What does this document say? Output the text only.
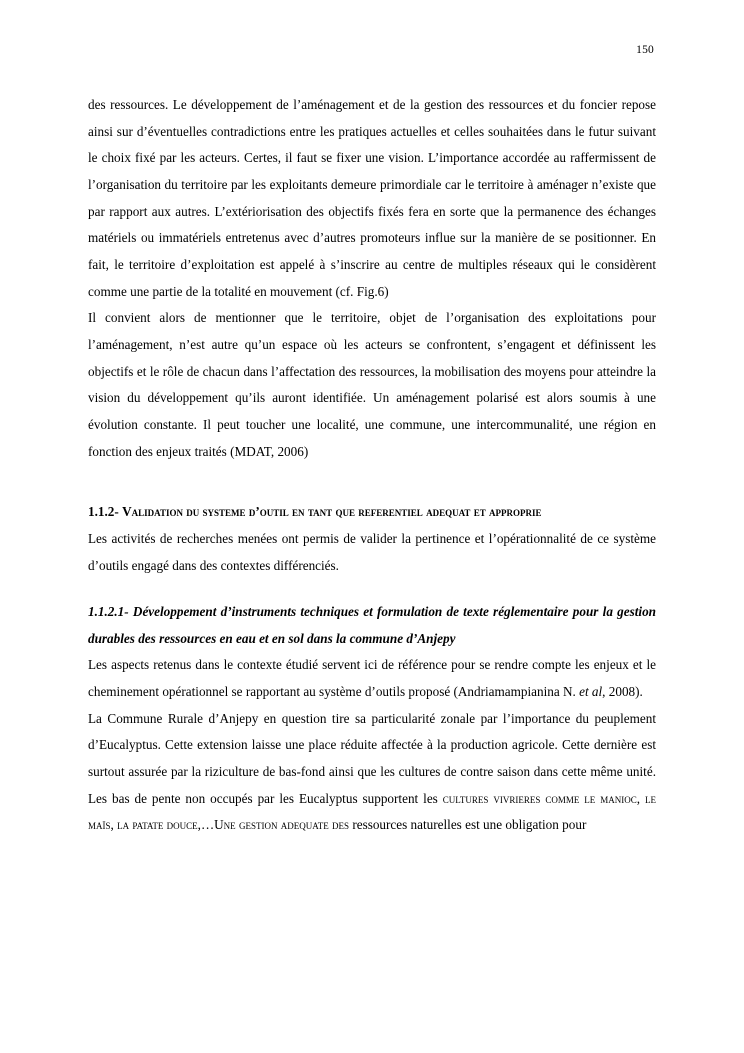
150

des ressources. Le développement de l’aménagement et de la gestion des ressources et du foncier repose ainsi sur d’éventuelles contradictions entre les pratiques actuelles et celles souhaitées dans le futur suivant le choix fixé par les acteurs. Certes, il faut se fixer une vision. L’importance accordée au raffermissent de l’organisation du territoire par les exploitants demeure primordiale car le territoire à aménager n’existe que par rapport aux autres. L’extériorisation des objectifs fixés fera en sorte que la permanence des échanges matériels ou immatériels entretenus avec d’autres promoteurs influe sur la manière de se positionner. En fait, le territoire d’exploitation est appelé à s’inscrire au centre de multiples réseaux qui le considèrent comme une partie de la totalité en mouvement (cf. Fig.6)

Il convient alors de mentionner que le territoire, objet de l’organisation des exploitations pour l’aménagement, n’est autre qu’un espace où les acteurs se confrontent, s’engagent et définissent les objectifs et le rôle de chacun dans l’affectation des ressources, la mobilisation des moyens pour atteindre la vision du développement qu’ils auront identifiée. Un aménagement polarisé est alors soumis à une évolution constante. Il peut toucher une localité, une commune, une intercommunalité, une région en fonction des enjeux traités (MDAT, 2006)

1.1.2- Validation du systeme d’outil en tant que referentiel adequat et approprie

Les activités de recherches menées ont permis de valider la pertinence et l’opérationnalité de ce système d’outils engagé dans des contextes différenciés.

1.1.2.1- Développement d’instruments techniques et formulation de texte réglementaire pour la gestion durables des ressources en eau et en sol dans la commune d’Anjepy

Les aspects retenus dans le contexte étudié servent ici de référence pour se rendre compte les enjeux et le cheminement opérationnel se rapportant au système d’outils proposé (Andriamampianina N. et al, 2008).

La Commune Rurale d’Anjepy en question tire sa particularité zonale par l’importance du peuplement d’Eucalyptus. Cette extension laisse une place réduite affectée à la production agricole. Cette dernière est surtout assurée par la riziculture de bas-fond ainsi que les cultures de contre saison dans cette même unité. Les bas de pente non occupés par les Eucalyptus supportent les cultures vivrieres comme le manioc, le maïs, la patate douce,…Une gestion adequate des ressources naturelles est une obligation pour
